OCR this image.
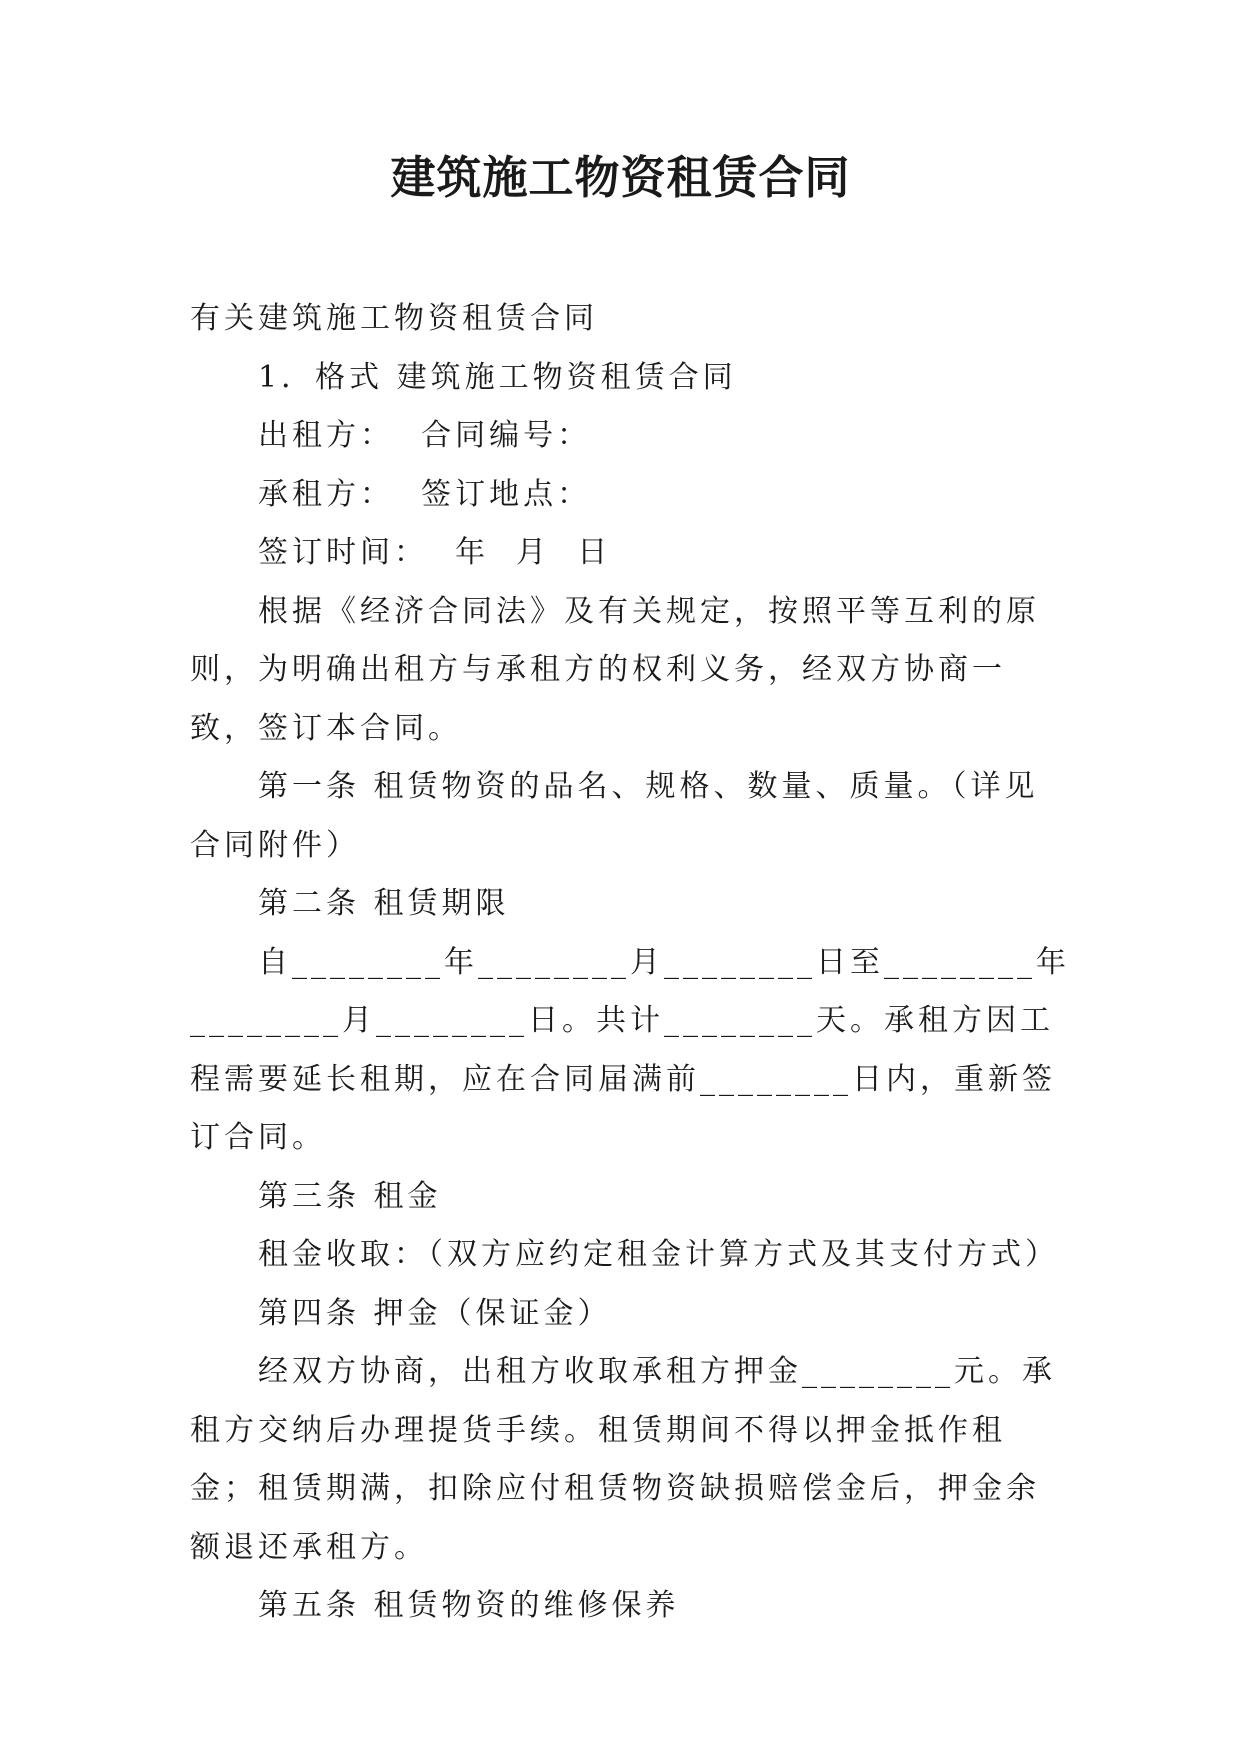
建筑施工物资租赁合同

有关建筑施工物资租赁合同

1．格式 建筑施工物资租赁合同

出租方：  合同编号：

承租方：  签订地点：

签订时间：  年  月  日

根据《经济合同法》及有关规定，按照平等互利的原则，为明确出租方与承租方的权利义务，经双方协商一致，签订本合同。

第一条 租赁物资的品名、规格、数量、质量。（详见合同附件）

第二条 租赁期限

自________年________月________日至________年________月________日。共计________天。承租方因工程需要延长租期，应在合同届满前________日内，重新签订合同。

第三条 租金

租金收取：（双方应约定租金计算方式及其支付方式）

第四条 押金（保证金）

经双方协商，出租方收取承租方押金________元。承租方交纳后办理提货手续。租赁期间不得以押金抵作租金；租赁期满，扣除应付租赁物资缺损赔偿金后，押金余额退还承租方。

第五条 租赁物资的维修保养
